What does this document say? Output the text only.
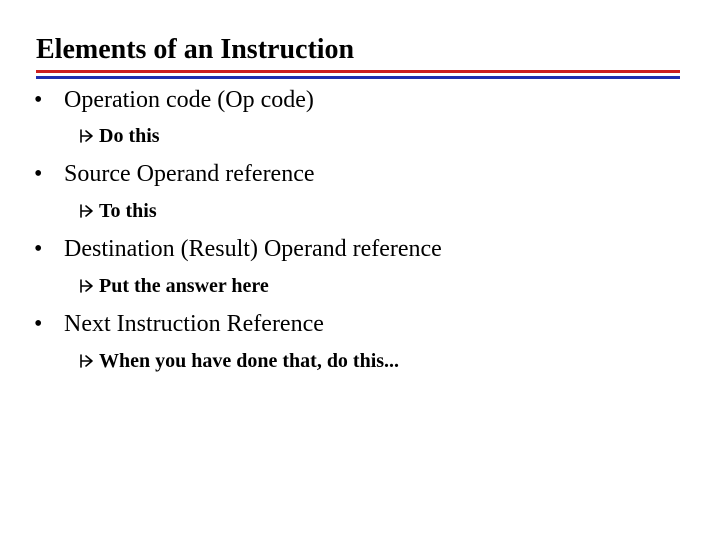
Elements of an Instruction
• Operation code (Op code)
Do this
• Source Operand reference
To this
• Destination (Result) Operand reference
Put the answer here
• Next Instruction Reference
When you have done that, do this...
